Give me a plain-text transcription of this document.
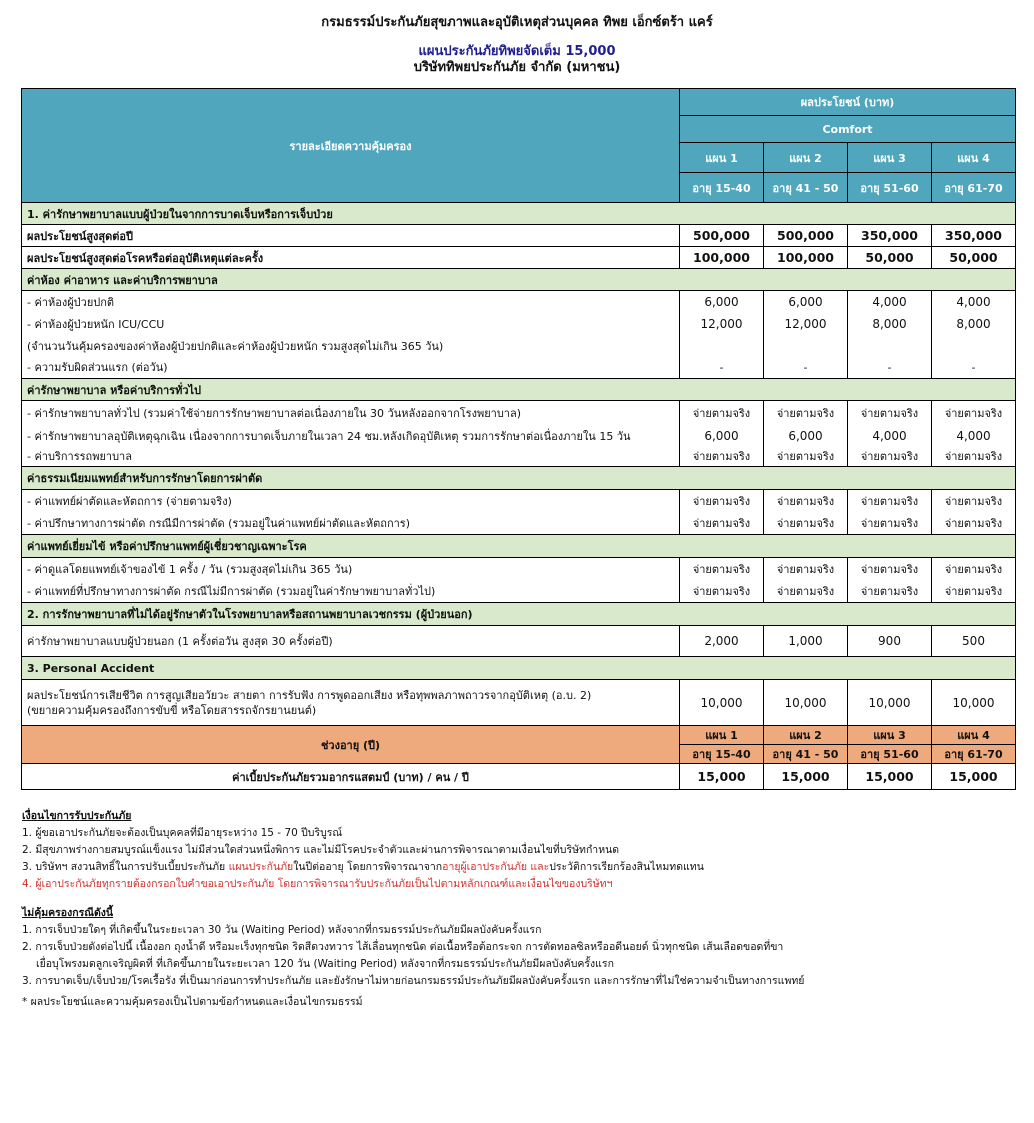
กรมธรรม์ประกันภัยสุขภาพและอุบัติเหตุส่วนบุคคล ทิพย เอ็กซ์ตร้า แคร์
แผนประกันภัยทิพยจัดเต็ม 15,000
บริษัททิพยประกันภัย จำกัด (มหาชน)
รายละเอียดความคุ้มครอง	ผลประโยชน์ (บาท)			
	Comfort			
	แผน 1	แผน 2	แผน 3	แผน 4
	อายุ 15-40	อายุ 41 - 50	อายุ 51-60	อายุ 61-70
1. ค่ารักษาพยาบาลแบบผู้ป่วยในจากการบาดเจ็บหรือการเจ็บป่วย				
ผลประโยชน์สูงสุดต่อปี	500,000	500,000	350,000	350,000
ผลประโยชน์สูงสุดต่อโรคหรือต่ออุบัติเหตุแต่ละครั้ง	100,000	100,000	50,000	50,000
ค่าห้อง ค่าอาหาร และค่าบริการพยาบาล				
- ค่าห้องผู้ป่วยปกติ	6,000	6,000	4,000	4,000
- ค่าห้องผู้ป่วยหนัก ICU/CCU	12,000	12,000	8,000	8,000
(จำนวนวันคุ้มครองของค่าห้องผู้ป่วยปกติและค่าห้องผู้ป่วยหนัก รวมสูงสุดไม่เกิน 365 วัน)				
- ความรับผิดส่วนแรก (ต่อวัน)	-	-	-	-
ค่ารักษาพยาบาล หรือค่าบริการทั่วไป				
- ค่ารักษาพยาบาลทั่วไป (รวมค่าใช้จ่ายการรักษาพยาบาลต่อเนื่องภายใน 30 วันหลังออกจากโรงพยาบาล)	จ่ายตามจริง	จ่ายตามจริง	จ่ายตามจริง	จ่ายตามจริง
- ค่ารักษาพยาบาลอุบัติเหตุฉุกเฉิน เนื่องจากการบาดเจ็บภายในเวลา 24 ชม.หลังเกิดอุบัติเหตุ รวมการรักษาต่อเนื่องภายใน 15 วัน	6,000	6,000	4,000	4,000
- ค่าบริการรถพยาบาล	จ่ายตามจริง	จ่ายตามจริง	จ่ายตามจริง	จ่ายตามจริง
ค่าธรรมเนียมแพทย์สำหรับการรักษาโดยการผ่าตัด				
- ค่าแพทย์ผ่าตัดและหัตถการ (จ่ายตามจริง)	จ่ายตามจริง	จ่ายตามจริง	จ่ายตามจริง	จ่ายตามจริง
- ค่าปรึกษาทางการผ่าตัด กรณีมีการผ่าตัด (รวมอยู่ในค่าแพทย์ผ่าตัดและหัตถการ)	จ่ายตามจริง	จ่ายตามจริง	จ่ายตามจริง	จ่ายตามจริง
ค่าแพทย์เยี่ยมไข้ หรือค่าปรึกษาแพทย์ผู้เชี่ยวชาญเฉพาะโรค				
- ค่าดูแลโดยแพทย์เจ้าของไข้ 1 ครั้ง / วัน (รวมสูงสุดไม่เกิน 365 วัน)	จ่ายตามจริง	จ่ายตามจริง	จ่ายตามจริง	จ่ายตามจริง
- ค่าแพทย์ที่ปรึกษาทางการผ่าตัด กรณีไม่มีการผ่าตัด (รวมอยู่ในค่ารักษาพยาบาลทั่วไป)	จ่ายตามจริง	จ่ายตามจริง	จ่ายตามจริง	จ่ายตามจริง
2. การรักษาพยาบาลที่ไม่ได้อยู่รักษาตัวในโรงพยาบาลหรือสถานพยาบาลเวชกรรม (ผู้ป่วยนอก)				
ค่ารักษาพยาบาลแบบผู้ป่วยนอก (1 ครั้งต่อวัน สูงสุด 30 ครั้งต่อปี)	2,000	1,000	900	500
3. Personal Accident				

ผลประโยชน์การเสียชีวิต การสูญเสียอวัยวะ สายตา การรับฟัง การพูดออกเสียง หรือทุพพลภาพถาวรจากอุบัติเหตุ (อ.บ. 2)
(ขยายความคุ้มครองถึงการขับขี่ หรือโดยสารรถจักรยานยนต์)	10,000	10,000	10,000	10,000
ช่วงอายุ (ปี)	แผน 1	แผน 2	แผน 3	แผน 4
	อายุ 15-40	อายุ 41 - 50	อายุ 51-60	อายุ 61-70
ค่าเบี้ยประกันภัยรวมอากรแสตมป์ (บาท) / คน / ปี	15,000	15,000	15,000	15,000
เงื่อนไขการรับประกันภัย
1. ผู้ขอเอาประกันภัยจะต้องเป็นบุคคลที่มีอายุระหว่าง 15 - 70 ปีบริบูรณ์
2. มีสุขภาพร่างกายสมบูรณ์แข็งแรง ไม่มีส่วนใดส่วนหนึ่งพิการ และไม่มีโรคประจำตัวและผ่านการพิจารณาตามเงื่อนไขที่บริษัทกำหนด
3. บริษัทฯ สงวนสิทธิ์ในการปรับเบี้ยประกันภัย แผนประกันภัยในปีต่ออายุ โดยการพิจารณาจากอายุผู้เอาประกันภัย และประวัติการเรียกร้องสินไหมทดแทน
4. ผู้เอาประกันภัยทุกรายต้องกรอกใบคำขอเอาประกันภัย โดยการพิจารณารับประกันภัยเป็นไปตามหลักเกณฑ์และเงื่อนไขของบริษัทฯ
ไม่คุ้มครองกรณีดังนี้
1. การเจ็บป่วยใดๆ ที่เกิดขึ้นในระยะเวลา 30 วัน (Waiting Period) หลังจากที่กรมธรรม์ประกันภัยมีผลบังคับครั้งแรก
2. การเจ็บป่วยดังต่อไปนี้ เนื้องอก ถุงน้ำดี หรือมะเร็งทุกชนิด ริดสีดวงทวาร ไส้เลื่อนทุกชนิด ต่อเนื้อหรือต้อกระจก การตัดทอลซิลหรืออดีนอยด์ นิ่วทุกชนิด เส้นเลือดขอดที่ขา
เยื่อบุโพรงมดลูกเจริญผิดที่ ที่เกิดขึ้นภายในระยะเวลา 120 วัน (Waiting Period) หลังจากที่กรมธรรม์ประกันภัยมีผลบังคับครั้งแรก
3. การบาดเจ็บ/เจ็บป่วย/โรคเรื้อรัง ที่เป็นมาก่อนการทำประกันภัย และยังรักษาไม่หายก่อนกรมธรรม์ประกันภัยมีผลบังคับครั้งแรก และการรักษาที่ไม่ใช่ความจำเป็นทางการแพทย์
* ผลประโยชน์และความคุ้มครองเป็นไปตามข้อกำหนดและเงื่อนไขกรมธรรม์
